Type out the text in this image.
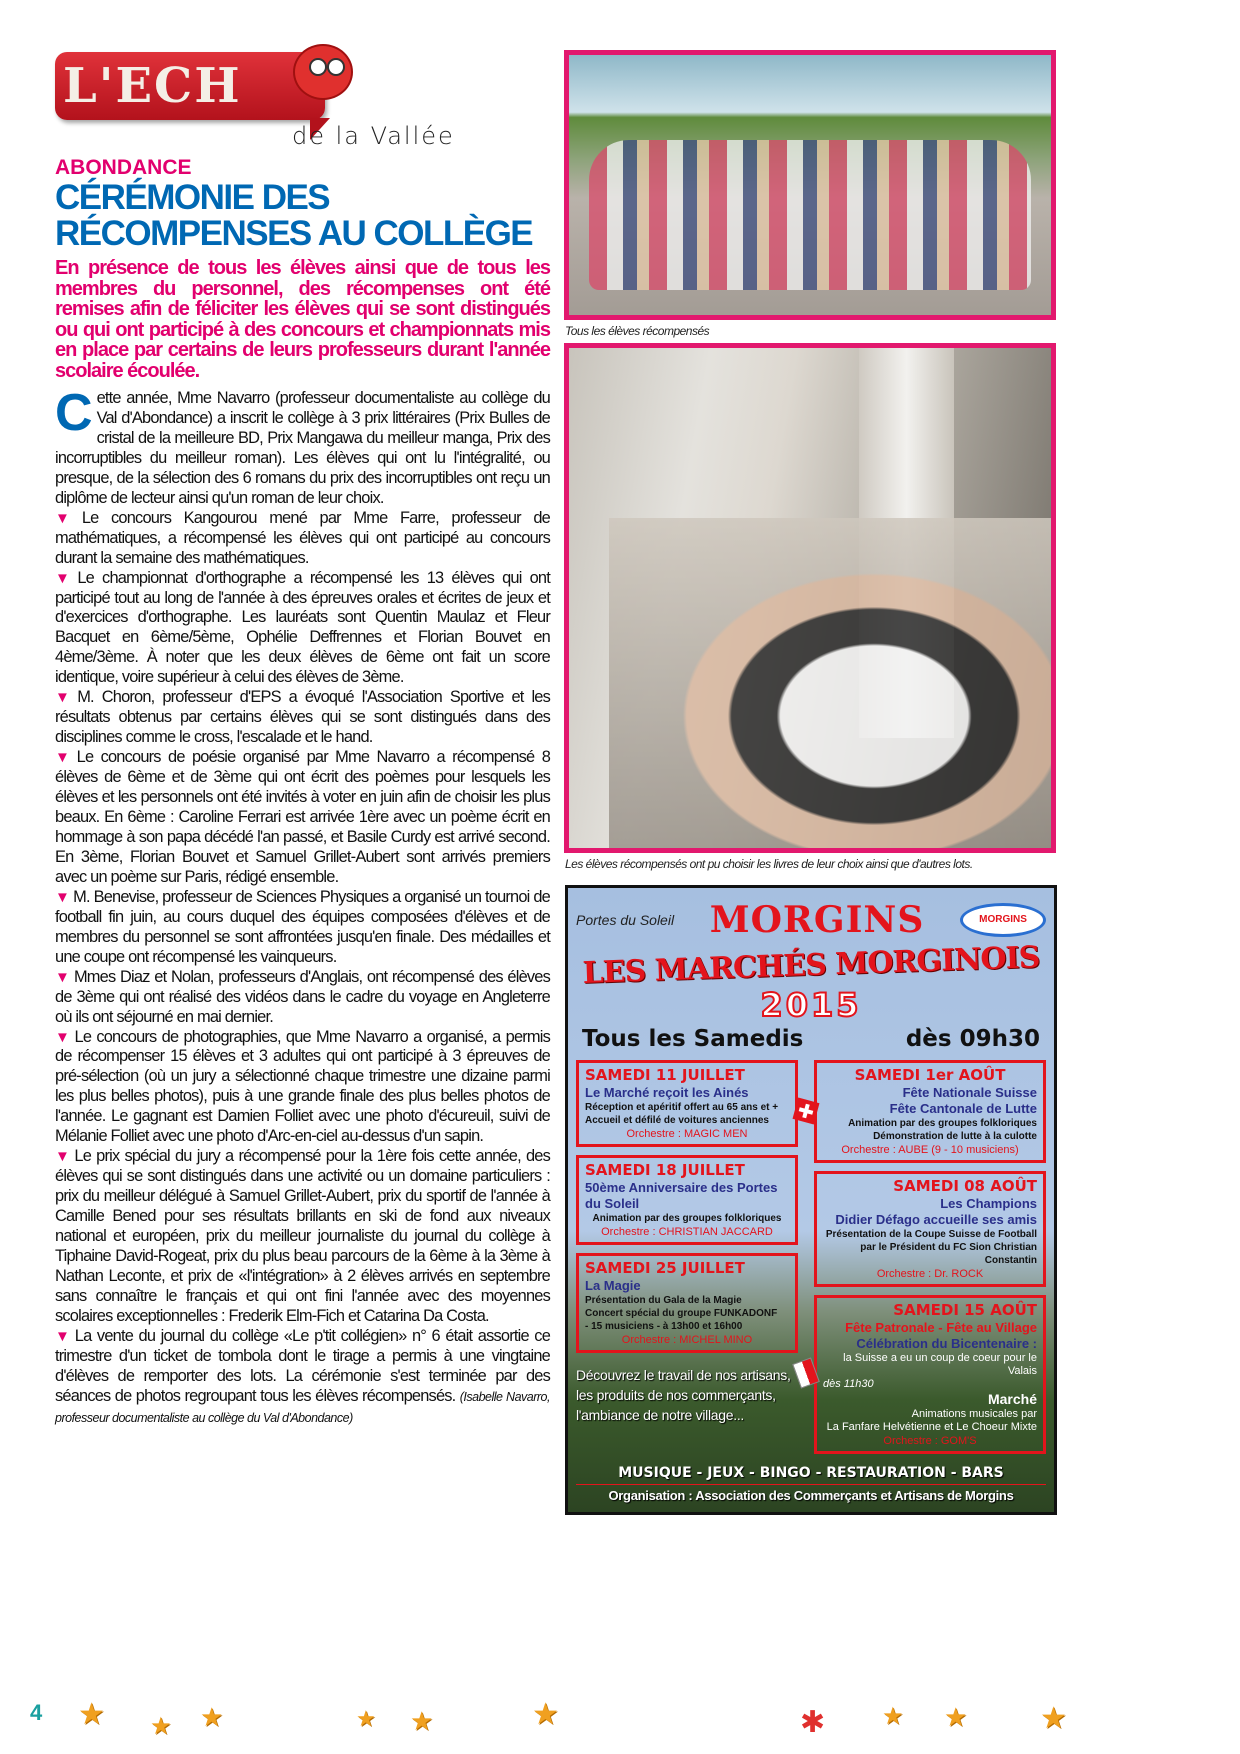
L'ECH
de la Vallée
ABONDANCE
CÉRÉMONIE DES RÉCOMPENSES AU COLLÈGE

En présence de tous les élèves ainsi que de tous les membres du personnel, des récompenses ont été remises afin de féliciter les élèves qui se sont distingués ou qui ont participé à des concours et championnats mis en place par certains de leurs professeurs durant l'année scolaire écoulée.

Cette année, Mme Navarro (professeur documentaliste au collège du Val d'Abondance) a inscrit le collège à 3 prix littéraires (Prix Bulles de cristal de la meilleure BD, Prix Mangawa du meilleur manga, Prix des incorruptibles du meilleur roman). Les élèves qui ont lu l'intégralité, ou presque, de la sélection des 6 romans du prix des incorruptibles ont reçu un diplôme de lecteur ainsi qu'un roman de leur choix.

▼ Le concours Kangourou mené par Mme Farre, professeur de mathématiques, a récompensé les élèves qui ont participé au concours durant la semaine des mathématiques.

▼ Le championnat d'orthographe a récompensé les 13 élèves qui ont participé tout au long de l'année à des épreuves orales et écrites de jeux et d'exercices d'orthographe. Les lauréats sont Quentin Maulaz et Fleur Bacquet en 6ème/5ème, Ophélie Deffrennes et Florian Bouvet en 4ème/3ème. À noter que les deux élèves de 6ème ont fait un score identique, voire supérieur à celui des élèves de 3ème.

▼ M. Choron, professeur d'EPS a évoqué l'Association Sportive et les résultats obtenus par certains élèves qui se sont distingués dans des disciplines comme le cross, l'escalade et le hand.

▼ Le concours de poésie organisé par Mme Navarro a récompensé 8 élèves de 6ème et de 3ème qui ont écrit des poèmes pour lesquels les élèves et les personnels ont été invités à voter en juin afin de choisir les plus beaux. En 6ème : Caroline Ferrari est arrivée 1ère avec un poème écrit en hommage à son papa décédé l'an passé, et Basile Curdy est arrivé second. En 3ème, Florian Bouvet et Samuel Grillet-Aubert sont arrivés premiers avec un poème sur Paris, rédigé ensemble.

▼ M. Benevise, professeur de Sciences Physiques a organisé un tournoi de football fin juin, au cours duquel des équipes composées d'élèves et de membres du personnel se sont affrontées jusqu'en finale. Des médailles et une coupe ont récompensé les vainqueurs.

▼ Mmes Diaz et Nolan, professeurs d'Anglais, ont récompensé des élèves de 3ème qui ont réalisé des vidéos dans le cadre du voyage en Angleterre où ils ont séjourné en mai dernier.

▼ Le concours de photographies, que Mme Navarro a organisé, a permis de récompenser 15 élèves et 3 adultes qui ont participé à 3 épreuves de pré-sélection (où un jury a sélectionné chaque trimestre une dizaine parmi les plus belles photos), puis à une grande finale des plus belles photos de l'année. Le gagnant est Damien Folliet avec une photo d'écureuil, suivi de Mélanie Folliet avec une photo d'Arc-en-ciel au-dessus d'un sapin.

▼ Le prix spécial du jury a récompensé pour la 1ère fois cette année, des élèves qui se sont distingués dans une activité ou un domaine particuliers : prix du meilleur délégué à Samuel Grillet-Aubert, prix du sportif de l'année à Camille Bened pour ses résultats brillants en ski de fond aux niveaux national et européen, prix du meilleur journaliste du journal du collège à Tiphaine David-Rogeat, prix du plus beau parcours de la 6ème à la 3ème à Nathan Leconte, et prix de «l'intégration» à 2 élèves arrivés en septembre sans connaître le français et qui ont fini l'année avec des moyennes scolaires exceptionnelles : Frederik Elm-Fich et Catarina Da Costa.

▼ La vente du journal du collège «Le p'tit collégien» n° 6 était assortie ce trimestre d'un ticket de tombola dont le tirage a permis à une vingtaine d'élèves de remporter des lots. La cérémonie s'est terminée par des séances de photos regroupant tous les élèves récompensés. (Isabelle Navarro, professeur documentaliste au collège du Val d'Abondance)

Tous les élèves récompensés
Les élèves récompensés ont pu choisir les livres de leur choix ainsi que d'autres lots.
Portes du Soleil MORGINS	MORGINS
LES MARCHÉS MORGINOIS
2015
Tous les Samedis	dès 09h30
SAMEDI 11 JUILLET
Le Marché reçoit les Ainés
Réception et apéritif offert au 65 ans et +
Accueil et défilé de voitures anciennes
Orchestre : MAGIC MEN
SAMEDI 18 JUILLET
50ème Anniversaire des Portes du Soleil
Animation par des groupes folkloriques
Orchestre : CHRISTIAN JACCARD
SAMEDI 25 JUILLET
La Magie
Présentation du Gala de la Magie
Concert spécial du groupe FUNKADONF
- 15 musiciens - à 13h00 et 16h00
Orchestre : MICHEL MINO
Découvrez le travail de nos artisans,
les produits de nos commerçants,
l'ambiance de notre village...
SAMEDI 1er AOÛT
Fête Nationale Suisse
Fête Cantonale de Lutte
Animation par des groupes folkloriques
Démonstration de lutte à la culotte
Orchestre : AUBE (9 - 10 musiciens)
SAMEDI 08 AOÛT
Les Champions
Didier Défago accueille ses amis
Présentation de la Coupe Suisse de Football
par le Président du FC Sion Christian Constantin
Orchestre : Dr. ROCK
SAMEDI 15 AOÛT
Fête Patronale - Fête au Village
Célébration du Bicentenaire :
la Suisse a eu un coup de coeur pour le Valais
dès 11h30
Marché
Animations musicales par
La Fanfare Helvétienne et Le Choeur Mixte
Orchestre : GOM'S
MUSIQUE - JEUX - BINGO - RESTAURATION - BARS
Organisation : Association des Commerçants et Artisans de Morgins
4 ★ ★ ★	★ ★	★	✱ ★ ★ ★
